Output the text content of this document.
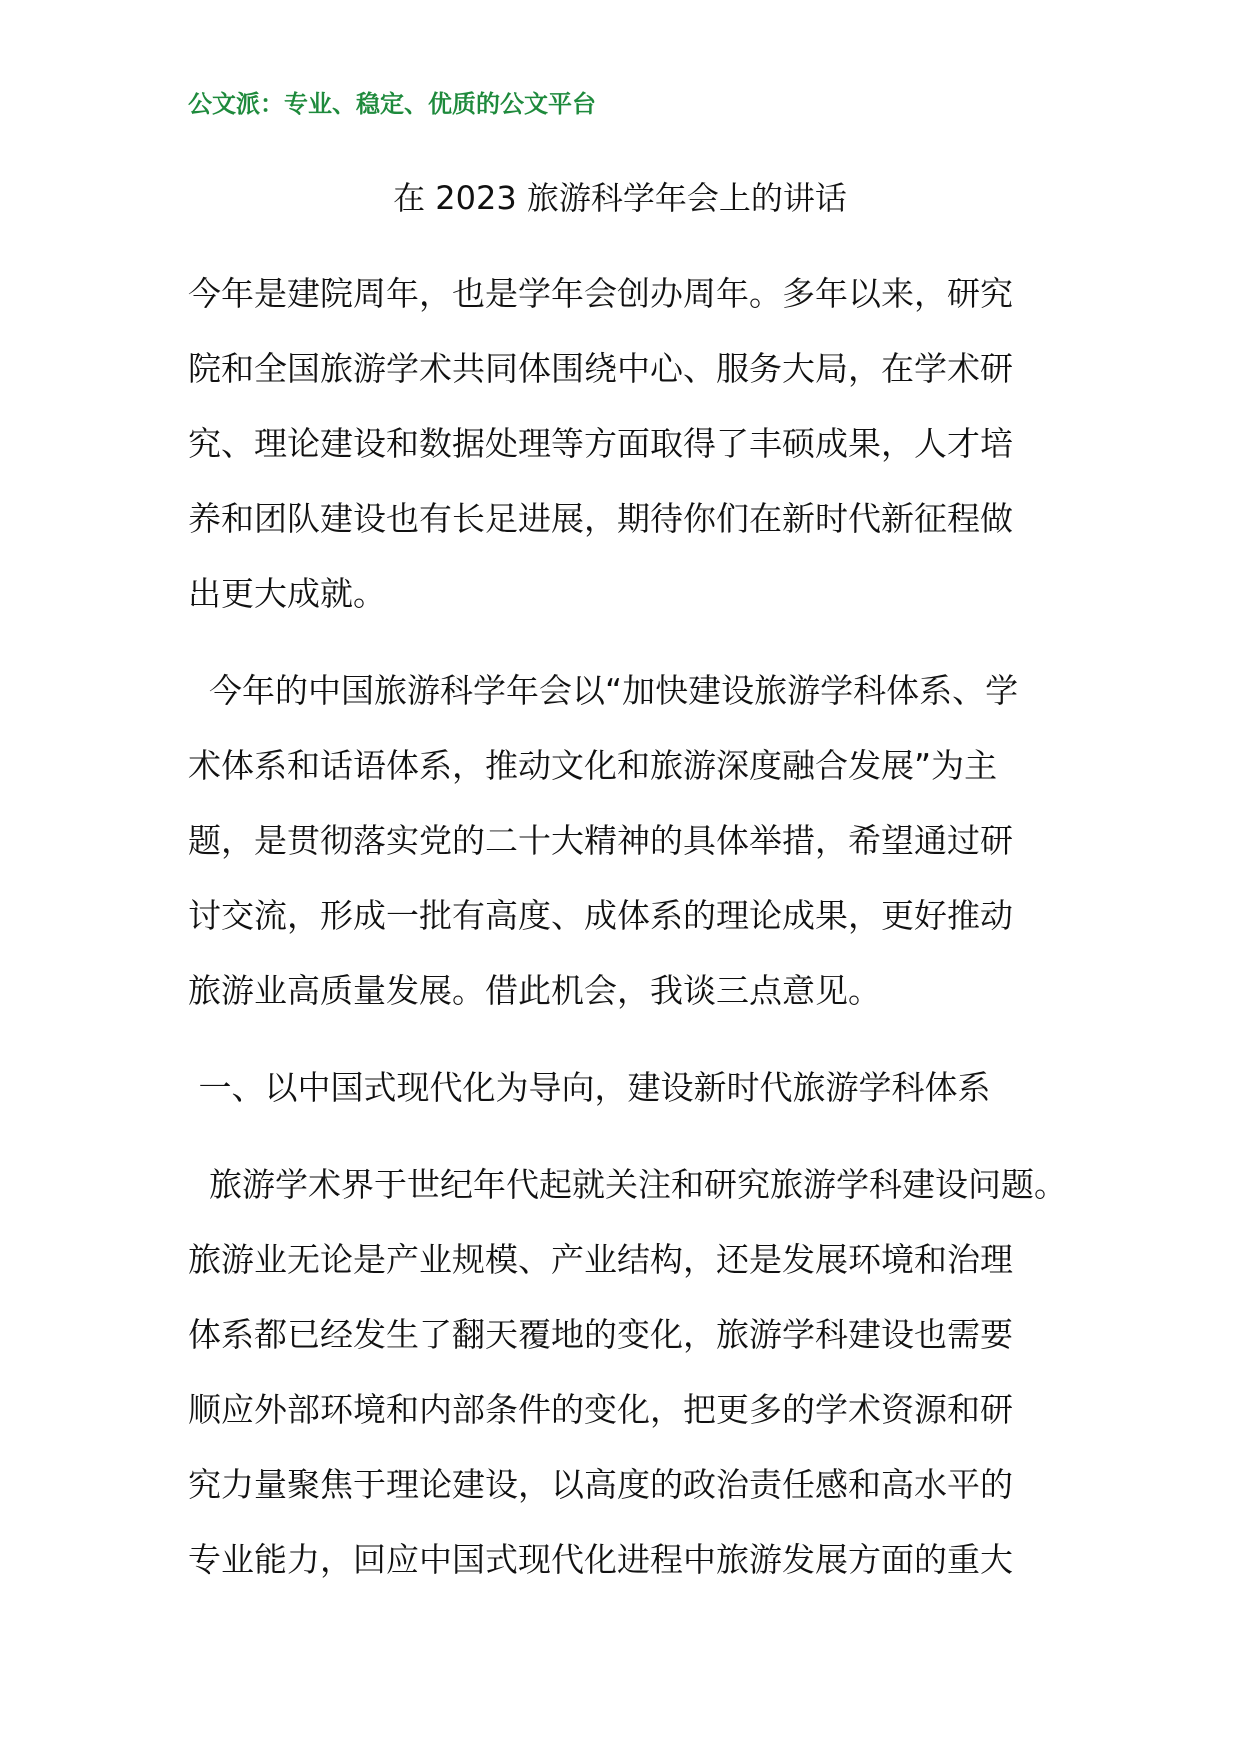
公文派：专业、稳定、优质的公文平台
在 2023 旅游科学年会上的讲话
今年是建院周年，也是学年会创办周年。多年以来，研究
院和全国旅游学术共同体围绕中心、服务大局，在学术研
究、理论建设和数据处理等方面取得了丰硕成果，人才培
养和团队建设也有长足进展，期待你们在新时代新征程做
出更大成就。
今年的中国旅游科学年会以“加快建设旅游学科体系、学
术体系和话语体系，推动文化和旅游深度融合发展”为主
题，是贯彻落实党的二十大精神的具体举措，希望通过研
讨交流，形成一批有高度、成体系的理论成果，更好推动
旅游业高质量发展。借此机会，我谈三点意见。
一、以中国式现代化为导向，建设新时代旅游学科体系
旅游学术界于世纪年代起就关注和研究旅游学科建设问题。
旅游业无论是产业规模、产业结构，还是发展环境和治理
体系都已经发生了翻天覆地的变化，旅游学科建设也需要
顺应外部环境和内部条件的变化，把更多的学术资源和研
究力量聚焦于理论建设，以高度的政治责任感和高水平的
专业能力，回应中国式现代化进程中旅游发展方面的重大
